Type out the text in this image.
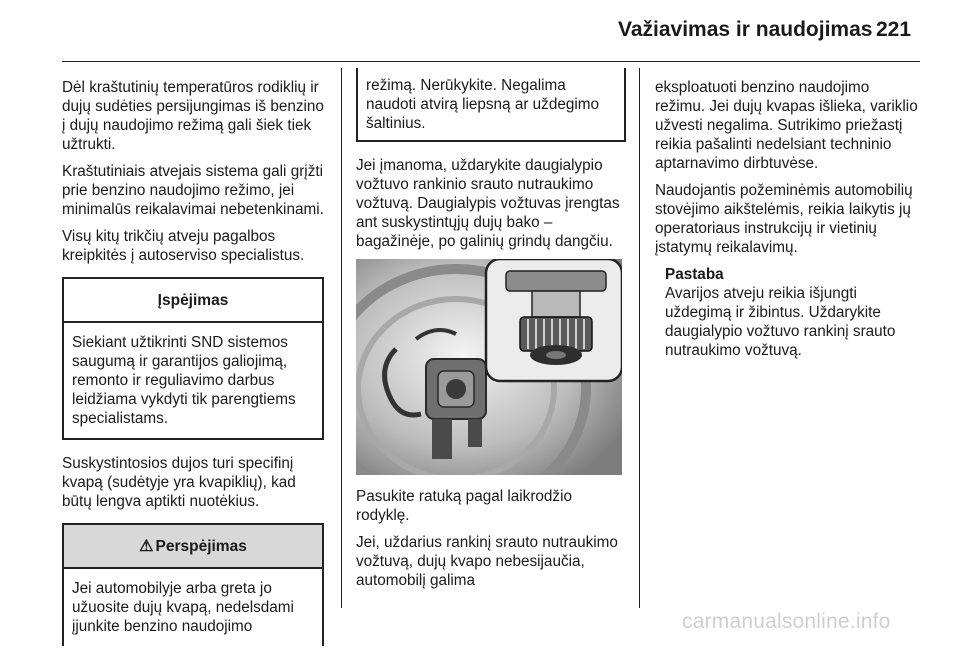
Važiavimas ir naudojimas 221

Dėl kraštutinių temperatūros rodiklių ir dujų sudėties persijungimas iš benzino į dujų naudojimo režimą gali šiek tiek užtrukti.

Kraštutiniais atvejais sistema gali grįžti prie benzino naudojimo režimo, jei minimalūs reikalavimai nebetenkinami.

Visų kitų trikčių atveju pagalbos kreipkitės į autoserviso specialistus.

Įspėjimas
Siekiant užtikrinti SND sistemos saugumą ir garantijos galiojimą, remonto ir reguliavimo darbus leidžiama vykdyti tik parengtiems specialistams.

Suskystintosios dujos turi specifinį kvapą (sudėtyje yra kvapiklių), kad būtų lengva aptikti nuotėkius.

⚠ Perspėjimas
Jei automobilyje arba greta jo užuosite dujų kvapą, nedelsdami įjunkite benzino naudojimo
režimą. Nerūkykite. Negalima naudoti atvirą liepsną ar uždegimo šaltinius.

Jei įmanoma, uždarykite daugialypio vožtuvo rankinio srauto nutraukimo vožtuvą. Daugialypis vožtuvas įrengtas ant suskystintųjų dujų bako – bagažinėje, po galinių grindų dangčiu.

Pasukite ratuką pagal laikrodžio rodyklę.

Jei, uždarius rankinį srauto nutraukimo vožtuvą, dujų kvapo nebesijaučia, automobilį galima

eksploatuoti benzino naudojimo režimu. Jei dujų kvapas išlieka, variklio užvesti negalima. Sutrikimo priežastį reikia pašalinti nedelsiant techninio aptarnavimo dirbtuvėse.

Naudojantis požeminėmis automobilių stovėjimo aikštelėmis, reikia laikytis jų operatoriaus instrukcijų ir vietinių įstatymų reikalavimų.

Pastaba
Avarijos atveju reikia išjungti uždegimą ir žibintus. Uždarykite daugialypio vožtuvo rankinį srauto nutraukimo vožtuvą.
carmanualsonline.info
